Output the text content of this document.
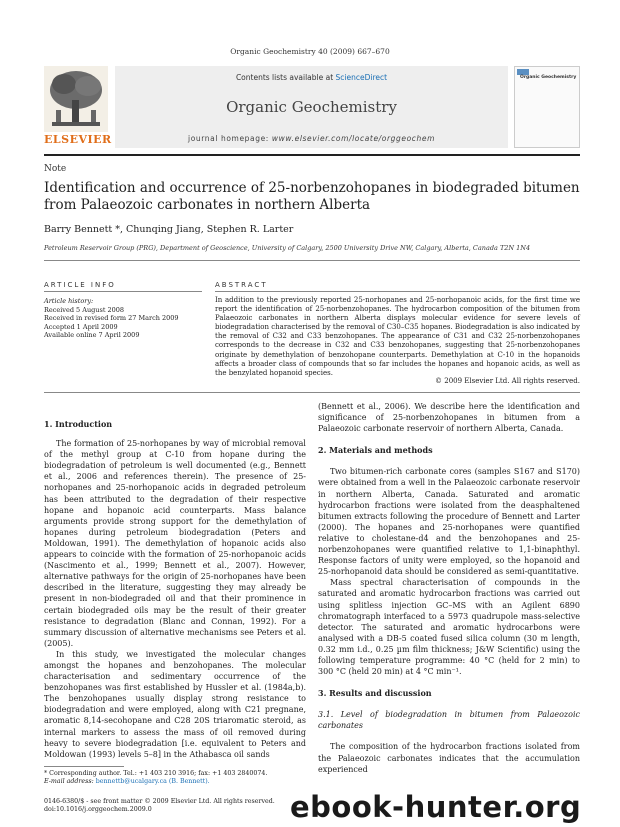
Organic Geochemistry 40 (2009) 667–670
ELSEVIER
Contents lists available at ScienceDirect
Organic Geochemistry
journal homepage: www.elsevier.com/locate/orggeochem
Organic Geochemistry
Note
Identification and occurrence of 25-norbenzohopanes in biodegraded bitumen from Palaeozoic carbonates in northern Alberta
Barry Bennett *, Chunqing Jiang, Stephen R. Larter
Petroleum Reservoir Group (PRG), Department of Geoscience, University of Calgary, 2500 University Drive NW, Calgary, Alberta, Canada T2N 1N4
ARTICLE INFO	ABSTRACT
Article history:
Received 5 August 2008
Received in revised form 27 March 2009
Accepted 1 April 2009
Available online 7 April 2009
In addition to the previously reported 25-norhopanes and 25-norhopanoic acids, for the first time we report the identification of 25-norbenzohopanes. The hydrocarbon composition of the bitumen from Palaeozoic carbonates in northern Alberta displays molecular evidence for severe levels of biodegradation characterised by the removal of C30–C35 hopanes. Biodegradation is also indicated by the removal of C32 and C33 benzohopanes. The appearance of C31 and C32 25-norbenzohopanes corresponds to the decrease in C32 and C33 benzohopanes, suggesting that 25-norbenzohopanes originate by demethylation of benzohopane counterparts. Demethylation at C-10 in the hopanoids affects a broader class of compounds that so far includes the hopanes and hopanoic acids, as well as the benzylated hopanoid species.
© 2009 Elsevier Ltd. All rights reserved.
1. Introduction

The formation of 25-norhopanes by way of microbial removal of the methyl group at C-10 from hopane during the biodegradation of petroleum is well documented (e.g., Bennett et al., 2006 and references therein). The presence of 25-norhopanes and 25-norhopanoic acids in degraded petroleum has been attributed to the degradation of their respective hopane and hopanoic acid counterparts. Mass balance arguments provide strong support for the demethylation of hopanes during petroleum biodegradation (Peters and Moldowan, 1991). The demethylation of hopanoic acids also appears to coincide with the formation of 25-norhopanoic acids (Nascimento et al., 1999; Bennett et al., 2007). However, alternative pathways for the origin of 25-norhopanes have been described in the literature, suggesting they may already be present in non-biodegraded oil and that their prominence in certain biodegraded oils may be the result of their greater resistance to degradation (Blanc and Connan, 1992). For a summary discussion of alternative mechanisms see Peters et al. (2005).

In this study, we investigated the molecular changes amongst the hopanes and benzohopanes. The molecular characterisation and sedimentary occurrence of the benzohopanes was first established by Hussler et al. (1984a,b). The benzohopanes usually display strong resistance to biodegradation and were employed, along with C21 pregnane, aromatic 8,14-secohopane and C28 20S triaromatic steroid, as internal markers to assess the mass of oil removed during heavy to severe biodegradation [i.e. equivalent to Peters and Moldowan (1993) levels 5–8] in the Athabasca oil sands

(Bennett et al., 2006). We describe here the identification and significance of 25-norbenzohopanes in bitumen from a Palaeozoic carbonate reservoir of northern Alberta, Canada.

2. Materials and methods

Two bitumen-rich carbonate cores (samples S167 and S170) were obtained from a well in the Palaeozoic carbonate reservoir in northern Alberta, Canada. Saturated and aromatic hydrocarbon fractions were isolated from the deasphaltened bitumen extracts following the procedure of Bennett and Larter (2000). The hopanes and 25-norhopanes were quantified relative to cholestane-d4 and the benzohopanes and 25-norbenzohopanes were quantified relative to 1,1-binaphthyl. Response factors of unity were employed, so the hopanoid and 25-norhopanoid data should be considered as semi-quantitative.

Mass spectral characterisation of compounds in the saturated and aromatic hydrocarbon fractions was carried out using splitless injection GC–MS with an Agilent 6890 chromatograph interfaced to a 5973 quadrupole mass-selective detector. The saturated and aromatic hydrocarbons were analysed with a DB-5 coated fused silica column (30 m length, 0.32 mm i.d., 0.25 µm film thickness; J&W Scientific) using the following temperature programme: 40 °C (held for 2 min) to 300 °C (held 20 min) at 4 °C min⁻¹.

3. Results and discussion
3.1. Level of biodegradation in bitumen from Palaeozoic carbonates

The composition of the hydrocarbon fractions isolated from the Palaeozoic carbonates indicates that the accumulation experienced

* Corresponding author. Tel.: +1 403 210 3916; fax: +1 403 2840074.
E-mail address: bennettb@ucalgary.ca (B. Bennett).
0146-6380/$ - see front matter © 2009 Elsevier Ltd. All rights reserved.
doi:10.1016/j.orggeochem.2009.0	ebook-hunter.org
